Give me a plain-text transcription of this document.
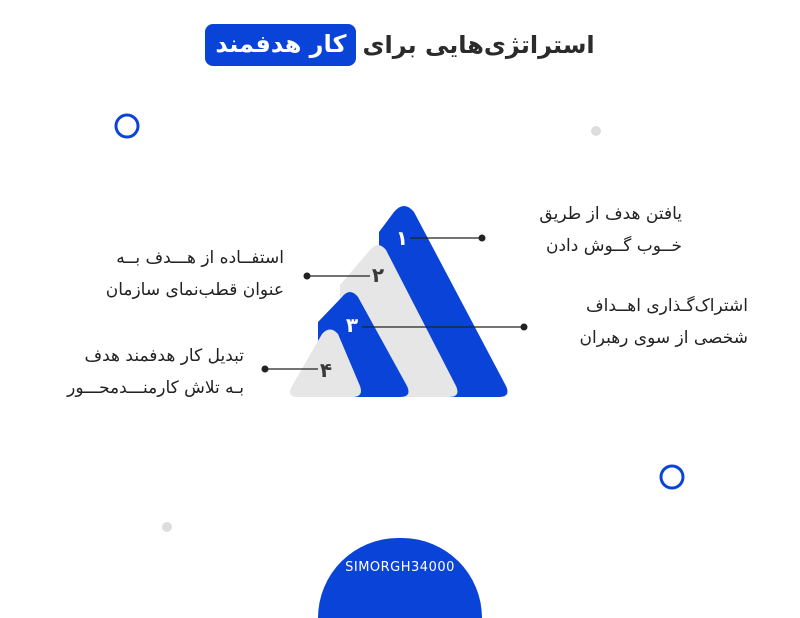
استراتژی‌هایی برای
کار هدفمند
۱
۲
۳
۴
یافتن هدف از طریق
خــوب گــوش دادن
استفــاده از هـــدف بــه
عنوان قطب‌نمای سازمان
اشتراک‌گـذاری اهــداف
شخصی از سوی رهبران
تبدیل کار هدفمند هدف
بـه تلاش کارمنـــدمحـــور
SIMORGH34000
